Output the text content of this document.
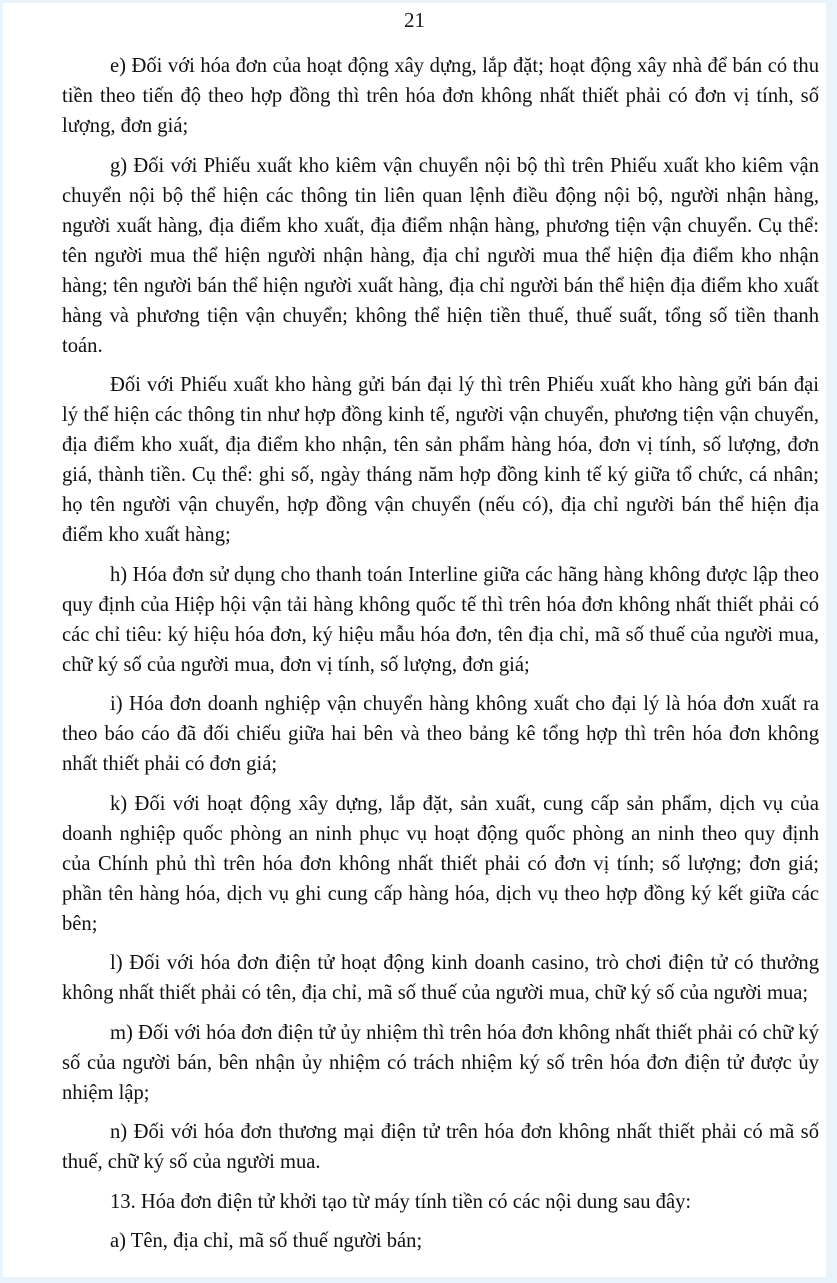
21

e) Đối với hóa đơn của hoạt động xây dựng, lắp đặt; hoạt động xây nhà để bán có thu tiền theo tiến độ theo hợp đồng thì trên hóa đơn không nhất thiết phải có đơn vị tính, số lượng, đơn giá;

g) Đối với Phiếu xuất kho kiêm vận chuyển nội bộ thì trên Phiếu xuất kho kiêm vận chuyển nội bộ thể hiện các thông tin liên quan lệnh điều động nội bộ, người nhận hàng, người xuất hàng, địa điểm kho xuất, địa điểm nhận hàng, phương tiện vận chuyển. Cụ thể: tên người mua thể hiện người nhận hàng, địa chỉ người mua thể hiện địa điểm kho nhận hàng; tên người bán thể hiện người xuất hàng, địa chỉ người bán thể hiện địa điểm kho xuất hàng và phương tiện vận chuyển; không thể hiện tiền thuế, thuế suất, tổng số tiền thanh toán.

Đối với Phiếu xuất kho hàng gửi bán đại lý thì trên Phiếu xuất kho hàng gửi bán đại lý thể hiện các thông tin như hợp đồng kinh tế, người vận chuyển, phương tiện vận chuyển, địa điểm kho xuất, địa điểm kho nhận, tên sản phẩm hàng hóa, đơn vị tính, số lượng, đơn giá, thành tiền. Cụ thể: ghi số, ngày tháng năm hợp đồng kinh tế ký giữa tổ chức, cá nhân; họ tên người vận chuyển, hợp đồng vận chuyển (nếu có), địa chỉ người bán thể hiện địa điểm kho xuất hàng;

h) Hóa đơn sử dụng cho thanh toán Interline giữa các hãng hàng không được lập theo quy định của Hiệp hội vận tải hàng không quốc tế thì trên hóa đơn không nhất thiết phải có các chỉ tiêu: ký hiệu hóa đơn, ký hiệu mẫu hóa đơn, tên địa chỉ, mã số thuế của người mua, chữ ký số của người mua, đơn vị tính, số lượng, đơn giá;

i) Hóa đơn doanh nghiệp vận chuyển hàng không xuất cho đại lý là hóa đơn xuất ra theo báo cáo đã đối chiếu giữa hai bên và theo bảng kê tổng hợp thì trên hóa đơn không nhất thiết phải có đơn giá;

k) Đối với hoạt động xây dựng, lắp đặt, sản xuất, cung cấp sản phẩm, dịch vụ của doanh nghiệp quốc phòng an ninh phục vụ hoạt động quốc phòng an ninh theo quy định của Chính phủ thì trên hóa đơn không nhất thiết phải có đơn vị tính; số lượng; đơn giá; phần tên hàng hóa, dịch vụ ghi cung cấp hàng hóa, dịch vụ theo hợp đồng ký kết giữa các bên;

l) Đối với hóa đơn điện tử hoạt động kinh doanh casino, trò chơi điện tử có thưởng không nhất thiết phải có tên, địa chỉ, mã số thuế của người mua, chữ ký số của người mua;

m) Đối với hóa đơn điện tử ủy nhiệm thì trên hóa đơn không nhất thiết phải có chữ ký số của người bán, bên nhận ủy nhiệm có trách nhiệm ký số trên hóa đơn điện tử được ủy nhiệm lập;

n) Đối với hóa đơn thương mại điện tử trên hóa đơn không nhất thiết phải có mã số thuế, chữ ký số của người mua.

13. Hóa đơn điện tử khởi tạo từ máy tính tiền có các nội dung sau đây:

a) Tên, địa chỉ, mã số thuế người bán;
